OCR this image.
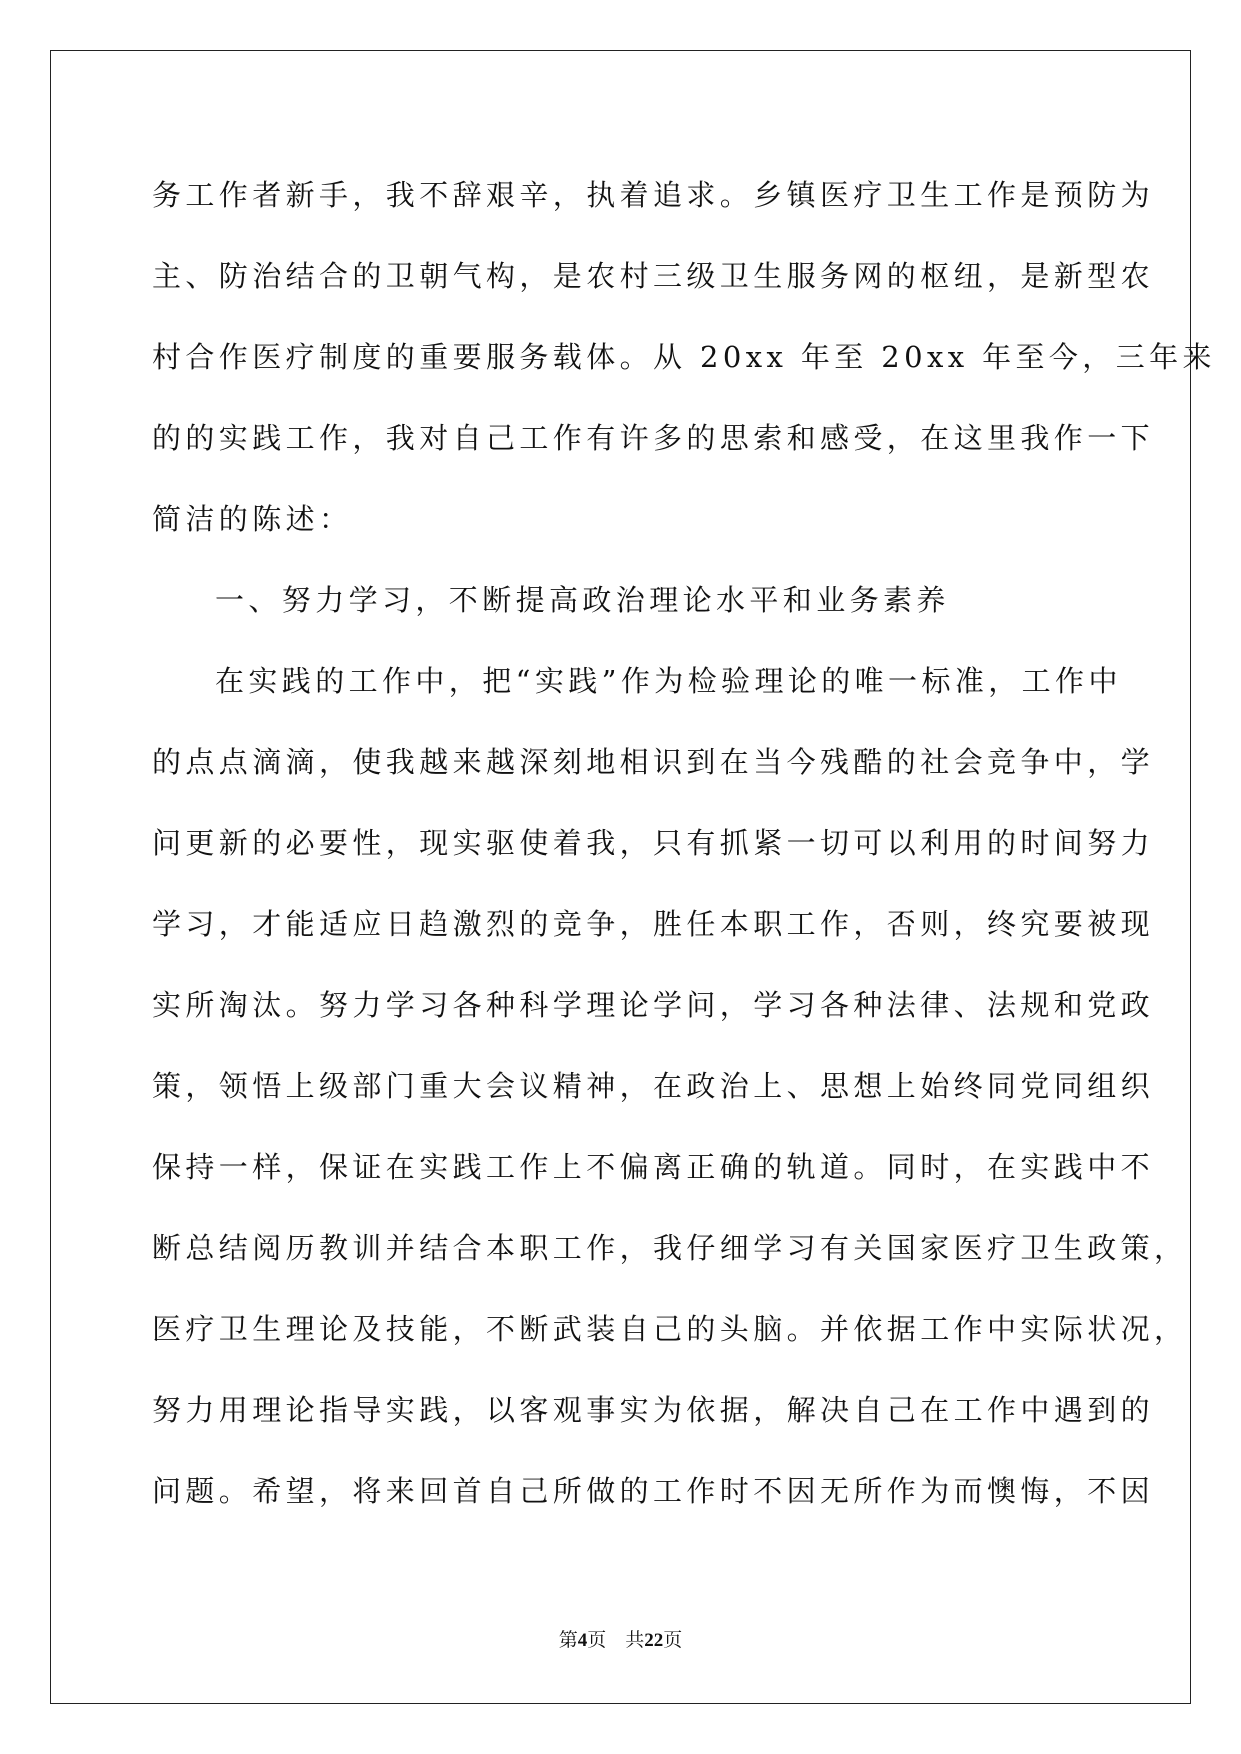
务工作者新手，我不辞艰辛，执着追求。乡镇医疗卫生工作是预防为
主、防治结合的卫朝气构，是农村三级卫生服务网的枢纽，是新型农
村合作医疗制度的重要服务载体。从 20xx 年至 20xx 年至今，三年来
的的实践工作，我对自己工作有许多的思索和感受，在这里我作一下
简洁的陈述：
一、努力学习，不断提高政治理论水平和业务素养
在实践的工作中，把“实践”作为检验理论的唯一标准，工作中
的点点滴滴，使我越来越深刻地相识到在当今残酷的社会竞争中，学
问更新的必要性，现实驱使着我，只有抓紧一切可以利用的时间努力
学习，才能适应日趋激烈的竞争，胜任本职工作，否则，终究要被现
实所淘汰。努力学习各种科学理论学问，学习各种法律、法规和党政
策，领悟上级部门重大会议精神，在政治上、思想上始终同党同组织
保持一样，保证在实践工作上不偏离正确的轨道。同时，在实践中不
断总结阅历教训并结合本职工作，我仔细学习有关国家医疗卫生政策，
医疗卫生理论及技能，不断武装自己的头脑。并依据工作中实际状况，
努力用理论指导实践，以客观事实为依据，解决自己在工作中遇到的
问题。希望，将来回首自己所做的工作时不因无所作为而懊悔，不因
第4页　共22页
